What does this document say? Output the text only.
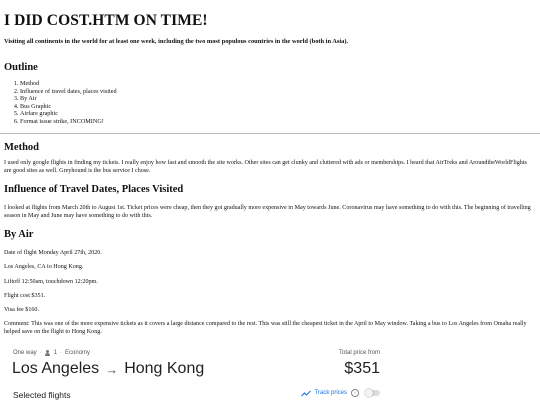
I DID COST.HTM ON TIME!

Visiting all continents in the world for at least one week, including the two most populous countries in the world (both in Asia).

Outline
1. Method
2. Influence of travel dates, places visited
3. By Air
4. Bus Graphic
5. Airfare graphic
6. Format issue strike, INCOMING!
Method

I used only google flights in finding my tickets. I really enjoy how fast and smooth the site works. Other sites can get clunky and cluttered with ads or memberships. I heard that AirTreks and AroundtheWorldFlights are good sites as well. Greyhound is the bus service I chose.

Influence of Travel Dates, Places Visited

I looked at flights from March 20th to August 1st. Ticket prices were cheap, then they got gradually more expensive in May towards June. Coronavirus may have something to do with this. The beginning of travelling season in May and June may have something to do with this.

By Air

Date of flight Monday April 27th, 2020.

Los Angeles, CA to Hong Kong.

Liftoff 12:50am, touchdown 12:20pm.

Flight cost $351.

Visa fee $160.

Comment: This was one of the more expensive tickets as it covers a large distance compared to the rest. This was still the cheapest ticket in the April to May window. Taking a bus to Los Angeles from Omaha really helped save on the flight to Hong Kong.

One way · 1 · Economy
Los Angeles → Hong Kong
Total price from
$351
Selected flights	Track prices	i
